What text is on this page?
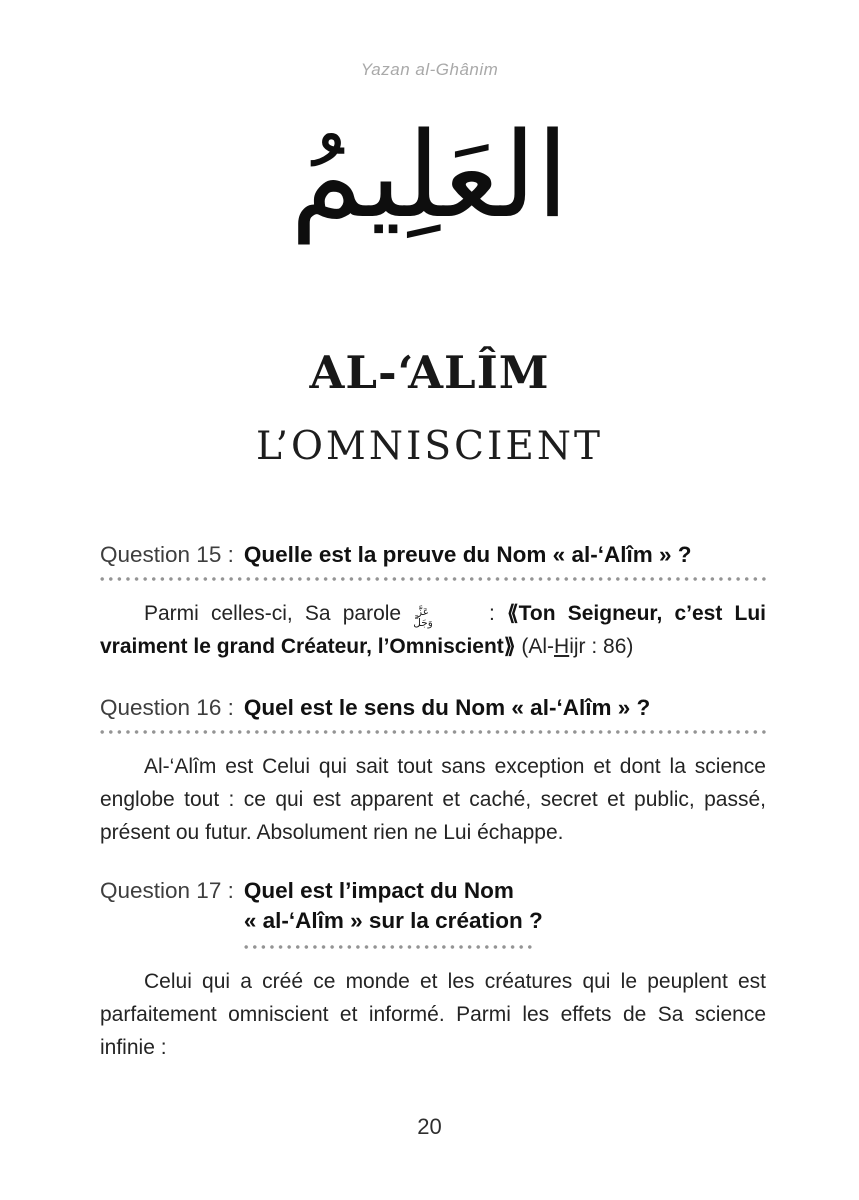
Yazan al-Ghânim
العَلِيمُ
AL-‘ALÎM
L’OMNISCIENT
Question 15 : Quelle est la preuve du Nom « al-‘Alîm » ?

Parmi celles-ci, Sa parole	عَزَّ
وَجَلَّ	: ⟪Ton Seigneur, c’est Lui vraiment le grand Créateur, l’Omniscient⟫ (Al-Hijr : 86)

Question 16 : Quel est le sens du Nom « al-‘Alîm » ?

Al-‘Alîm est Celui qui sait tout sans exception et dont la science englobe tout : ce qui est apparent et caché, secret et public, passé, présent ou futur. Absolument rien ne Lui échappe.

Question 17 : Quel est l’impact du Nom
« al-‘Alîm » sur la création ?

Celui qui a créé ce monde et les créatures qui le peuplent est parfaitement omniscient et informé. Parmi les effets de Sa science infinie :

20
